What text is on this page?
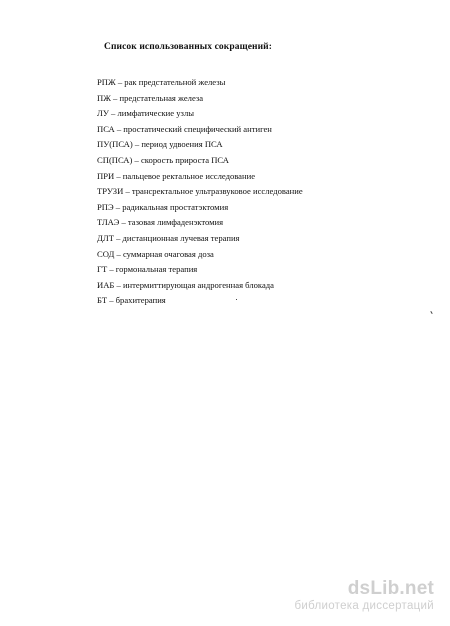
Список использованных сокращений:
РПЖ – рак предстательной железы
ПЖ – предстательная железа
ЛУ – лимфатические узлы
ПСА – простатический специфический антиген
ПУ(ПСА) – период удвоения ПСА
СП(ПСА) – скорость прироста ПСА
ПРИ – пальцевое ректальное исследование
ТРУЗИ – трансректальное ультразвуковое исследование
РПЭ – радикальная простатэктомия
ТЛАЭ – тазовая лимфаденэктомия
ДЛТ – дистанционная лучевая терапия
СОД – суммарная очаговая доза
ГТ – гормональная терапия
ИАБ – интермиттирующая андрогенная блокада
БТ – брахитерапия
dsLib.net
библиотека диссертаций
